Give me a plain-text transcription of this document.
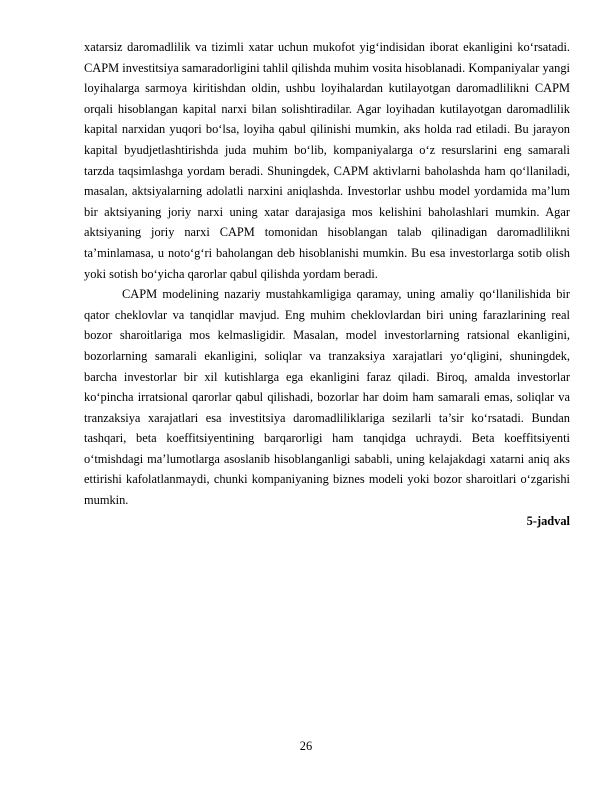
xatarsiz daromadlilik va tizimli xatar uchun mukofot yig‘indisidan iborat ekanligini ko‘rsatadi. CAPM investitsiya samaradorligini tahlil qilishda muhim vosita hisoblanadi. Kompaniyalar yangi loyihalarga sarmoya kiritishdan oldin, ushbu loyihalardan kutilayotgan daromadlilikni CAPM orqali hisoblangan kapital narxi bilan solishtiradilar. Agar loyihadan kutilayotgan daromadlilik kapital narxidan yuqori bo‘lsa, loyiha qabul qilinishi mumkin, aks holda rad etiladi. Bu jarayon kapital byudjetlashtirishda juda muhim bo‘lib, kompaniyalarga o‘z resurslarini eng samarali tarzda taqsimlashga yordam beradi. Shuningdek, CAPM aktivlarni baholashda ham qo‘llaniladi, masalan, aktsiyalarning adolatli narxini aniqlashda. Investorlar ushbu model yordamida ma’lum bir aktsiyaning joriy narxi uning xatar darajasiga mos kelishini baholashlari mumkin. Agar aktsiyaning joriy narxi CAPM tomonidan hisoblangan talab qilinadigan daromadlilikni ta’minlamasa, u noto‘g‘ri baholangan deb hisoblanishi mumkin. Bu esa investorlarga sotib olish yoki sotish bo‘yicha qarorlar qabul qilishda yordam beradi.

CAPM modelining nazariy mustahkamligiga qaramay, uning amaliy qo‘llanilishida bir qator cheklovlar va tanqidlar mavjud. Eng muhim cheklovlardan biri uning farazlarining real bozor sharoitlariga mos kelmasligidir. Masalan, model investorlarning ratsional ekanligini, bozorlarning samarali ekanligini, soliqlar va tranzaksiya xarajatlari yo‘qligini, shuningdek, barcha investorlar bir xil kutishlarga ega ekanligini faraz qiladi. Biroq, amalda investorlar ko‘pincha irratsional qarorlar qabul qilishadi, bozorlar har doim ham samarali emas, soliqlar va tranzaksiya xarajatlari esa investitsiya daromadliliklariga sezilarli ta’sir ko‘rsatadi. Bundan tashqari, beta koeffitsiyentining barqarorligi ham tanqidga uchraydi. Beta koeffitsiyenti o‘tmishdagi ma’lumotlarga asoslanib hisoblanganligi sababli, uning kelajakdagi xatarni aniq aks ettirishi kafolatlanmaydi, chunki kompaniyaning biznes modeli yoki bozor sharoitlari o‘zgarishi mumkin.

5-jadval

26
